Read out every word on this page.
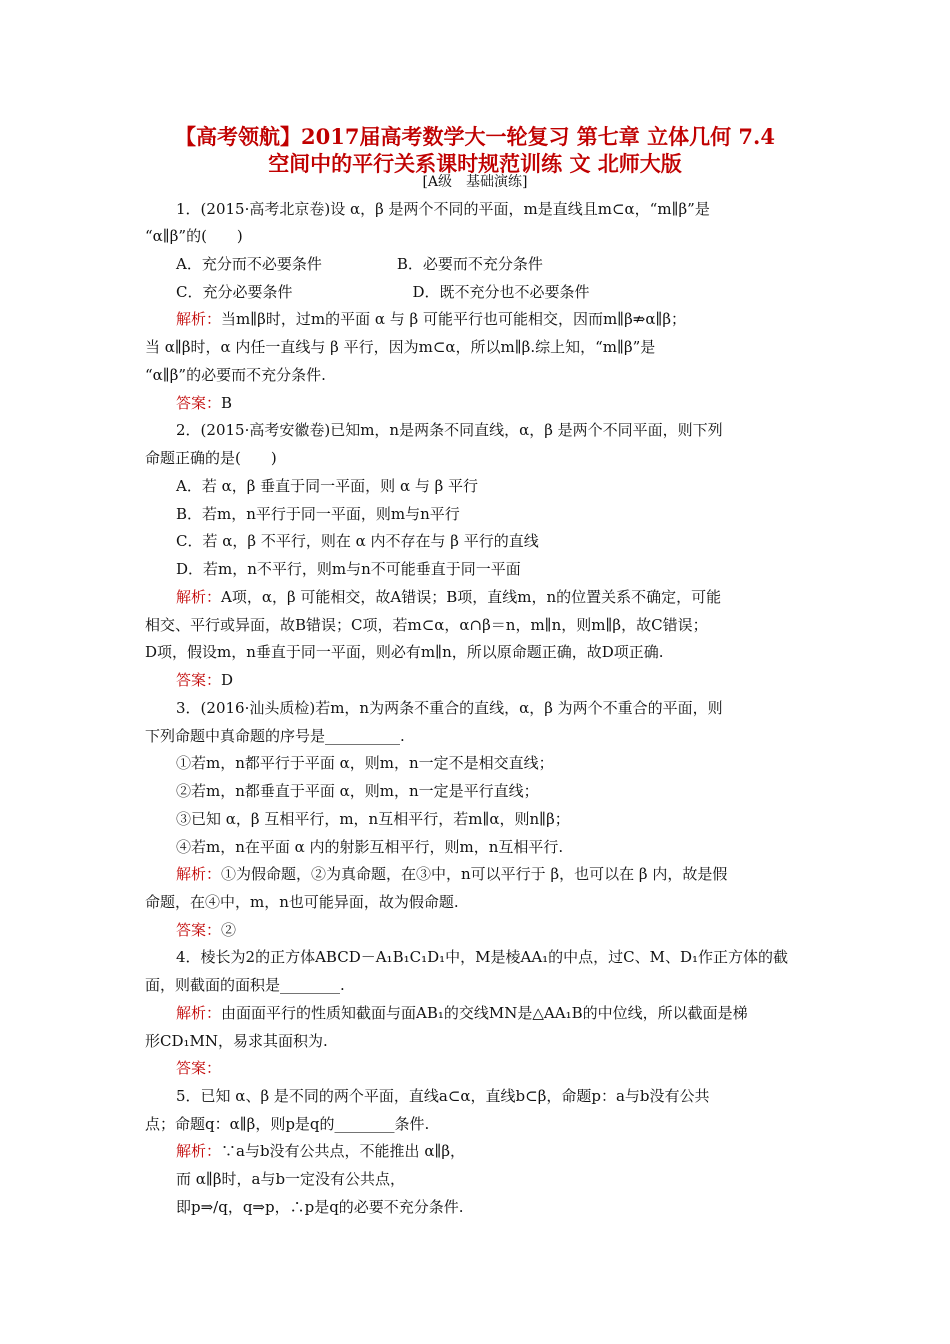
【高考领航】2017届高考数学大一轮复习 第七章 立体几何 7.4
空间中的平行关系课时规范训练 文 北师大版
[A级　基础演练]
1．(2015·高考北京卷)设 α，β 是两个不同的平面，m是直线且m⊂α，“m∥β”是
“α∥β”的(　　)
A．充分而不必要条件　　　　　B．必要而不充分条件
C．充分必要条件　　　　　　　　D．既不充分也不必要条件
解析：当m∥β时，过m的平面 α 与 β 可能平行也可能相交，因而m∥β⇏α∥β；
当 α∥β时，α 内任一直线与 β 平行，因为m⊂α，所以m∥β.综上知，“m∥β”是
“α∥β”的必要而不充分条件.
答案：B
2．(2015·高考安徽卷)已知m，n是两条不同直线，α，β 是两个不同平面，则下列
命题正确的是(　　)
A．若 α，β 垂直于同一平面，则 α 与 β 平行
B．若m，n平行于同一平面，则m与n平行
C．若 α，β 不平行，则在 α 内不存在与 β 平行的直线
D．若m，n不平行，则m与n不可能垂直于同一平面
解析：A项，α，β 可能相交，故A错误；B项，直线m，n的位置关系不确定，可能
相交、平行或异面，故B错误；C项，若m⊂α，α∩β＝n，m∥n，则m∥β，故C错误；
D项，假设m，n垂直于同一平面，则必有m∥n，所以原命题正确，故D项正确.
答案：D
3．(2016·汕头质检)若m，n为两条不重合的直线，α，β 为两个不重合的平面，则
下列命题中真命题的序号是__________.
①若m，n都平行于平面 α，则m，n一定不是相交直线；
②若m，n都垂直于平面 α，则m，n一定是平行直线；
③已知 α，β 互相平行，m，n互相平行，若m∥α，则n∥β；
④若m，n在平面 α 内的射影互相平行，则m，n互相平行.
解析：①为假命题，②为真命题，在③中，n可以平行于 β，也可以在 β 内，故是假
命题，在④中，m，n也可能异面，故为假命题.
答案：②
4．棱长为2的正方体ABCD－A₁B₁C₁D₁中，M是棱AA₁的中点，过C、M、D₁作正方体的截
面，则截面的面积是________.
解析：由面面平行的性质知截面与面AB₁的交线MN是△AA₁B的中位线，所以截面是梯
形CD₁MN，易求其面积为.
答案：
5．已知 α、β 是不同的两个平面，直线a⊂α，直线b⊂β，命题p：a与b没有公共
点；命题q：α∥β，则p是q的________条件.
解析：∵a与b没有公共点，不能推出 α∥β，
而 α∥β时，a与b一定没有公共点，
即p⇒/q，q⇒p，∴p是q的必要不充分条件.
